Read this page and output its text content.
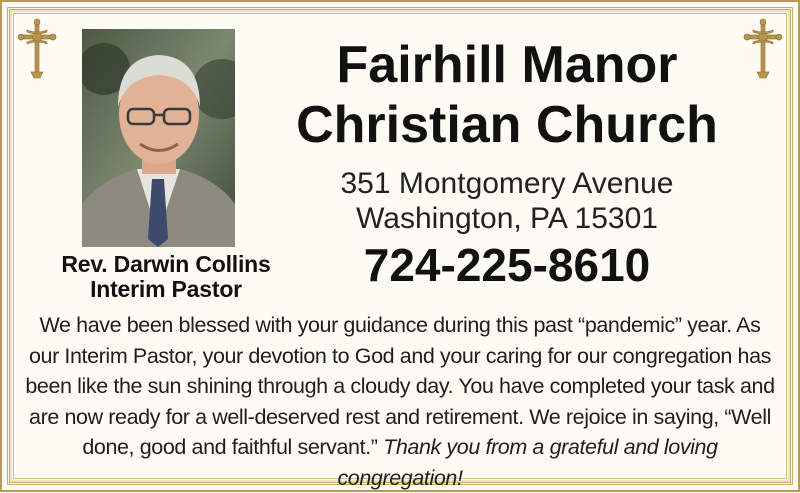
Rev. Darwin Collins
Interim Pastor
Fairhill Manor
Christian Church
351 Montgomery Avenue
Washington, PA 15301
724-225-8610
We have been blessed with your guidance during this past “pandemic” year. As our Interim Pastor, your devotion to God and your caring for our congregation has been like the sun shining through a cloudy day. You have completed your task and are now ready for a well-deserved rest and retirement. We rejoice in saying, “Well done, good and faithful servant.” Thank you from a grateful and loving congregation!
